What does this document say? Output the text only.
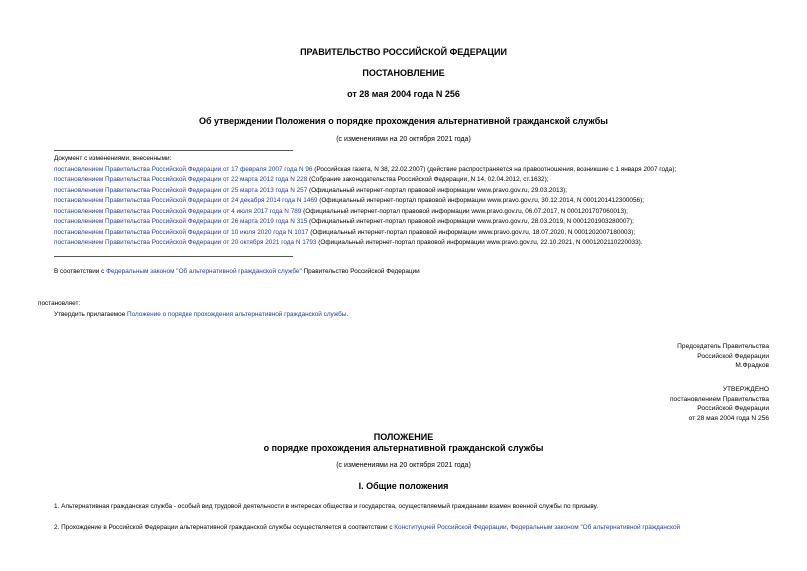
ПРАВИТЕЛЬСТВО РОССИЙСКОЙ ФЕДЕРАЦИИ
ПОСТАНОВЛЕНИЕ
от 28 мая 2004 года N 256
Об утверждении Положения о порядке прохождения альтернативной гражданской службы
(с изменениями на 20 октября 2021 года)
Документ с изменениями, внесенными:
постановлением Правительства Российской Федерации от 17 февраля 2007 года N 96 (Российская газета, N 38, 22.02.2007) (действие распространяется на правоотношения, возникшие с 1 января 2007 года);
постановлением Правительства Российской Федерации от 22 марта 2012 года N 228 (Собрание законодательства Российской Федерации, N 14, 02.04.2012, ст.1632);
постановлением Правительства Российской Федерации от 25 марта 2013 года N 257 (Официальный интернет-портал правовой информации www.pravo.gov.ru, 29.03.2013);
постановлением Правительства Российской Федерации от 24 декабря 2014 года N 1469 (Официальный интернет-портал правовой информации www.pravo.gov.ru, 30.12.2014, N 0001201412300056);
постановлением Правительства Российской Федерации от 4 июля 2017 года N 789 (Официальный интернет-портал правовой информации www.pravo.gov.ru, 06.07.2017, N 0001201707060013);
постановлением Правительства Российской Федерации от 26 марта 2019 года N 315 (Официальный интернет-портал правовой информации www.pravo.gov.ru, 28.03.2019, N 0001201903280007);
постановлением Правительства Российской Федерации от 10 июля 2020 года N 1017 (Официальный интернет-портал правовой информации www.pravo.gov.ru, 18.07.2020, N 0001202007180003);
постановлением Правительства Российской Федерации от 20 октября 2021 года N 1793 (Официальный интернет-портал правовой информации www.pravo.gov.ru, 22.10.2021, N 0001202110220033).
В соответствии с Федеральным законом "Об альтернативной гражданской службе" Правительство Российской Федерации
постановляет:
Утвердить прилагаемое Положение о порядке прохождения альтернативной гражданской службы.
Председатель Правительства
Российской Федерации
М.Фрадков
УТВЕРЖДЕНО
постановлением Правительства
Российской Федерации
от 28 мая 2004 года N 256
ПОЛОЖЕНИЕ
о порядке прохождения альтернативной гражданской службы
(с изменениями на 20 октября 2021 года)
I. Общие положения
1. Альтернативная гражданская служба - особый вид трудовой деятельности в интересах общества и государства, осуществляемый гражданами взамен военной службы по призыву.
2. Прохождение в Российской Федерации альтернативной гражданской службы осуществляется в соответствии с Конституцией Российской Федерации, Федеральным законом "Об альтернативной гражданской
